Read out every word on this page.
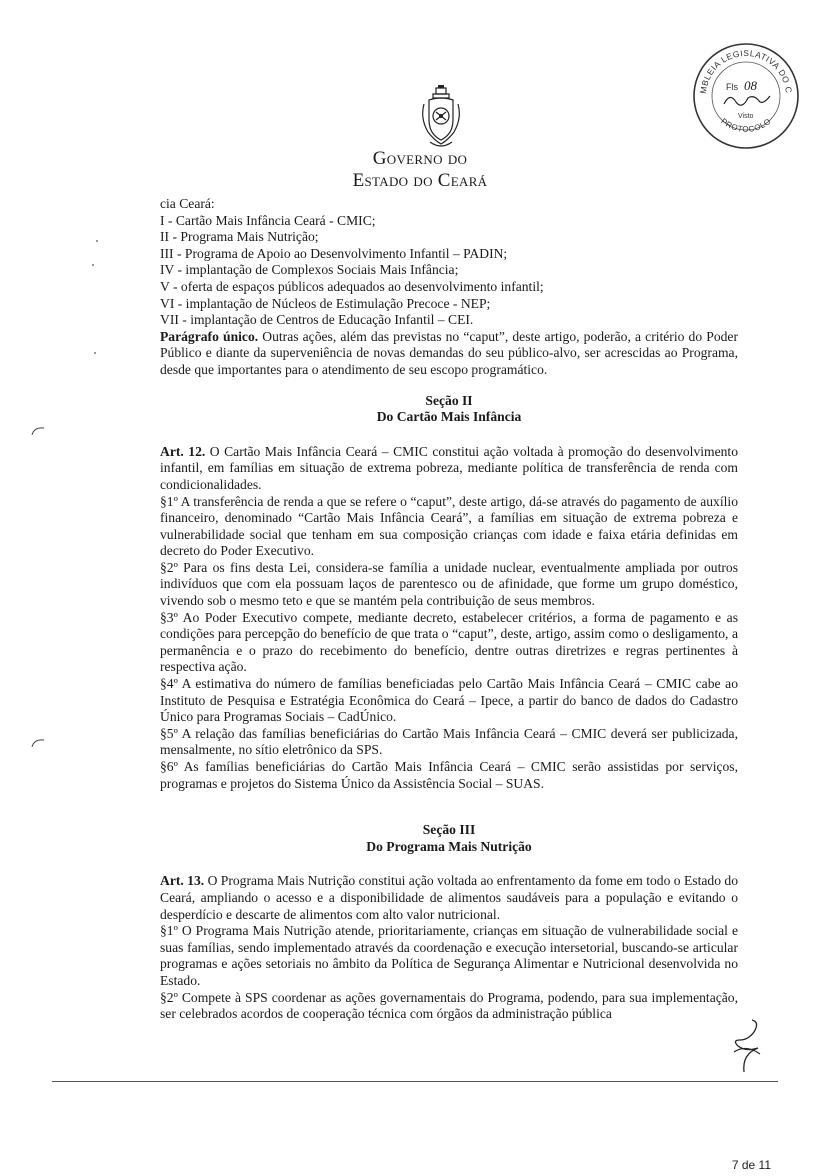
Governo do
Estado do Ceará
MBLEIA LEGISLATIVA DO C
PROTOCOLO
Fls 08
Visto

cia Ceará:

I - Cartão Mais Infância Ceará - CMIC;

II - Programa Mais Nutrição;

III - Programa de Apoio ao Desenvolvimento Infantil – PADIN;

IV - implantação de Complexos Sociais Mais Infância;

V - oferta de espaços públicos adequados ao desenvolvimento infantil;

VI - implantação de Núcleos de Estimulação Precoce - NEP;

VII - implantação de Centros de Educação Infantil – CEI.

Parágrafo único. Outras ações, além das previstas no “caput”, deste artigo, poderão, a critério do Poder Público e diante da superveniência de novas demandas do seu público-alvo, ser acrescidas ao Programa, desde que importantes para o atendimento de seu escopo programático.

Seção II

Do Cartão Mais Infância

Art. 12. O Cartão Mais Infância Ceará – CMIC constitui ação voltada à promoção do desenvolvimento infantil, em famílias em situação de extrema pobreza, mediante política de transferência de renda com condicionalidades.

§1º A transferência de renda a que se refere o “caput”, deste artigo, dá-se através do pagamento de auxílio financeiro, denominado “Cartão Mais Infância Ceará”, a famílias em situação de extrema pobreza e vulnerabilidade social que tenham em sua composição crianças com idade e faixa etária definidas em decreto do Poder Executivo.

§2º Para os fins desta Lei, considera-se família a unidade nuclear, eventualmente ampliada por outros indivíduos que com ela possuam laços de parentesco ou de afinidade, que forme um grupo doméstico, vivendo sob o mesmo teto e que se mantém pela contribuição de seus membros.

§3º Ao Poder Executivo compete, mediante decreto, estabelecer critérios, a forma de pagamento e as condições para percepção do benefício de que trata o “caput”, deste, artigo, assim como o desligamento, a permanência e o prazo do recebimento do benefício, dentre outras diretrizes e regras pertinentes à respectiva ação.

§4º A estimativa do número de famílias beneficiadas pelo Cartão Mais Infância Ceará – CMIC cabe ao Instituto de Pesquisa e Estratégia Econômica do Ceará – Ipece, a partir do banco de dados do Cadastro Único para Programas Sociais – CadÚnico.

§5º A relação das famílias beneficiárias do Cartão Mais Infância Ceará – CMIC deverá ser publicizada, mensalmente, no sítio eletrônico da SPS.

§6º As famílias beneficiárias do Cartão Mais Infância Ceará – CMIC serão assistidas por serviços, programas e projetos do Sistema Único da Assistência Social – SUAS.

Seção III

Do Programa Mais Nutrição

Art. 13. O Programa Mais Nutrição constitui ação voltada ao enfrentamento da fome em todo o Estado do Ceará, ampliando o acesso e a disponibilidade de alimentos saudáveis para a população e evitando o desperdício e descarte de alimentos com alto valor nutricional.

§1º O Programa Mais Nutrição atende, prioritariamente, crianças em situação de vulnerabilidade social e suas famílias, sendo implementado através da coordenação e execução intersetorial, buscando-se articular programas e ações setoriais no âmbito da Política de Segurança Alimentar e Nutricional desenvolvida no Estado.

§2º Compete à SPS coordenar as ações governamentais do Programa, podendo, para sua implementação, ser celebrados acordos de cooperação técnica com órgãos da administração pública

7 de 11
